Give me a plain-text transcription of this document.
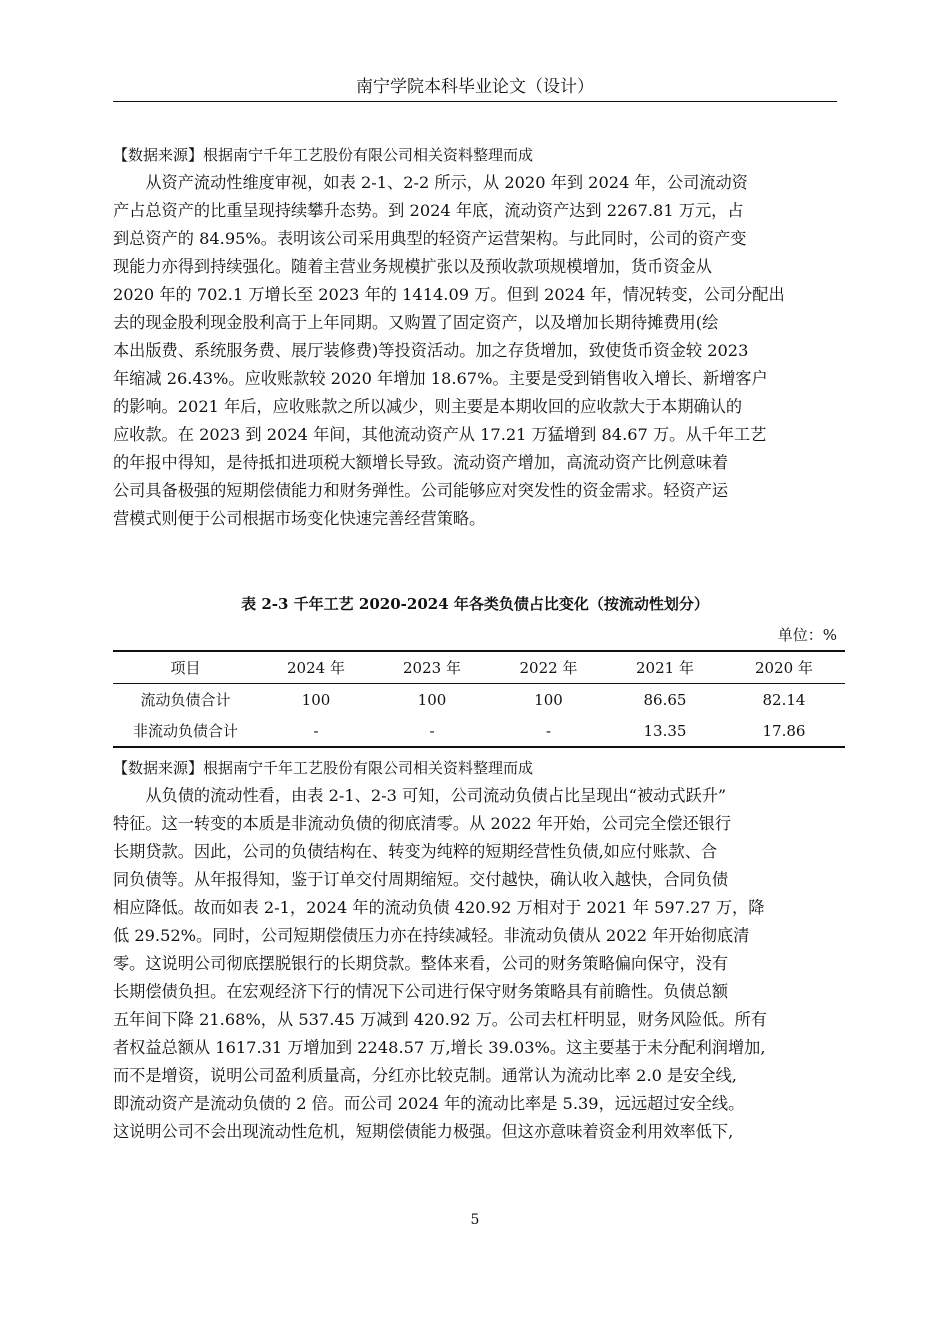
南宁学院本科毕业论文（设计）
【数据来源】根据南宁千年工艺股份有限公司相关资料整理而成

　　从资产流动性维度审视，如表 2-1、2-2 所示，从 2020 年到 2024 年，公司流动资
产占总资产的比重呈现持续攀升态势。到 2024 年底，流动资产达到 2267.81 万元，占
到总资产的 84.95%。表明该公司采用典型的轻资产运营架构。与此同时，公司的资产变
现能力亦得到持续强化。随着主营业务规模扩张以及预收款项规模增加，货币资金从
2020 年的 702.1 万增长至 2023 年的 1414.09 万。但到 2024 年，情况转变，公司分配出
去的现金股利现金股利高于上年同期。又购置了固定资产，以及增加长期待摊费用(绘
本出版费、系统服务费、展厅装修费)等投资活动。加之存货增加，致使货币资金较 2023
年缩减 26.43%。应收账款较 2020 年增加 18.67%。主要是受到销售收入增长、新增客户
的影响。2021 年后，应收账款之所以减少，则主要是本期收回的应收款大于本期确认的
应收款。在 2023 到 2024 年间，其他流动资产从 17.21 万猛增到 84.67 万。从千年工艺
的年报中得知，是待抵扣进项税大额增长导致。流动资产增加，高流动资产比例意味着
公司具备极强的短期偿债能力和财务弹性。公司能够应对突发性的资金需求。轻资产运
营模式则便于公司根据市场变化快速完善经营策略。

表 2-3 千年工艺 2020-2024 年各类负债占比变化（按流动性划分）
单位：%
项目	2024 年	2023 年	2022 年	2021 年	2020 年
流动负债合计	100	100	100	86.65	82.14
非流动负债合计	-	-	-	13.35	17.86
【数据来源】根据南宁千年工艺股份有限公司相关资料整理而成

　　从负债的流动性看，由表 2-1、2-3 可知，公司流动负债占比呈现出“被动式跃升”
特征。这一转变的本质是非流动负债的彻底清零。从 2022 年开始，公司完全偿还银行
长期贷款。因此，公司的负债结构在、转变为纯粹的短期经营性负债,如应付账款、合
同负债等。从年报得知，鉴于订单交付周期缩短。交付越快，确认收入越快，合同负债
相应降低。故而如表 2-1，2024 年的流动负债 420.92 万相对于 2021 年 597.27 万，降
低 29.52%。同时，公司短期偿债压力亦在持续减轻。非流动负债从 2022 年开始彻底清
零。这说明公司彻底摆脱银行的长期贷款。整体来看，公司的财务策略偏向保守，没有
长期偿债负担。在宏观经济下行的情况下公司进行保守财务策略具有前瞻性。负债总额
五年间下降 21.68%，从 537.45 万减到 420.92 万。公司去杠杆明显，财务风险低。所有
者权益总额从 1617.31 万增加到 2248.57 万,增长 39.03%。这主要基于未分配利润增加,
而不是增资，说明公司盈利质量高，分红亦比较克制。通常认为流动比率 2.0 是安全线,
即流动资产是流动负债的 2 倍。而公司 2024 年的流动比率是 5.39，远远超过安全线。
这说明公司不会出现流动性危机，短期偿债能力极强。但这亦意味着资金利用效率低下,

5
